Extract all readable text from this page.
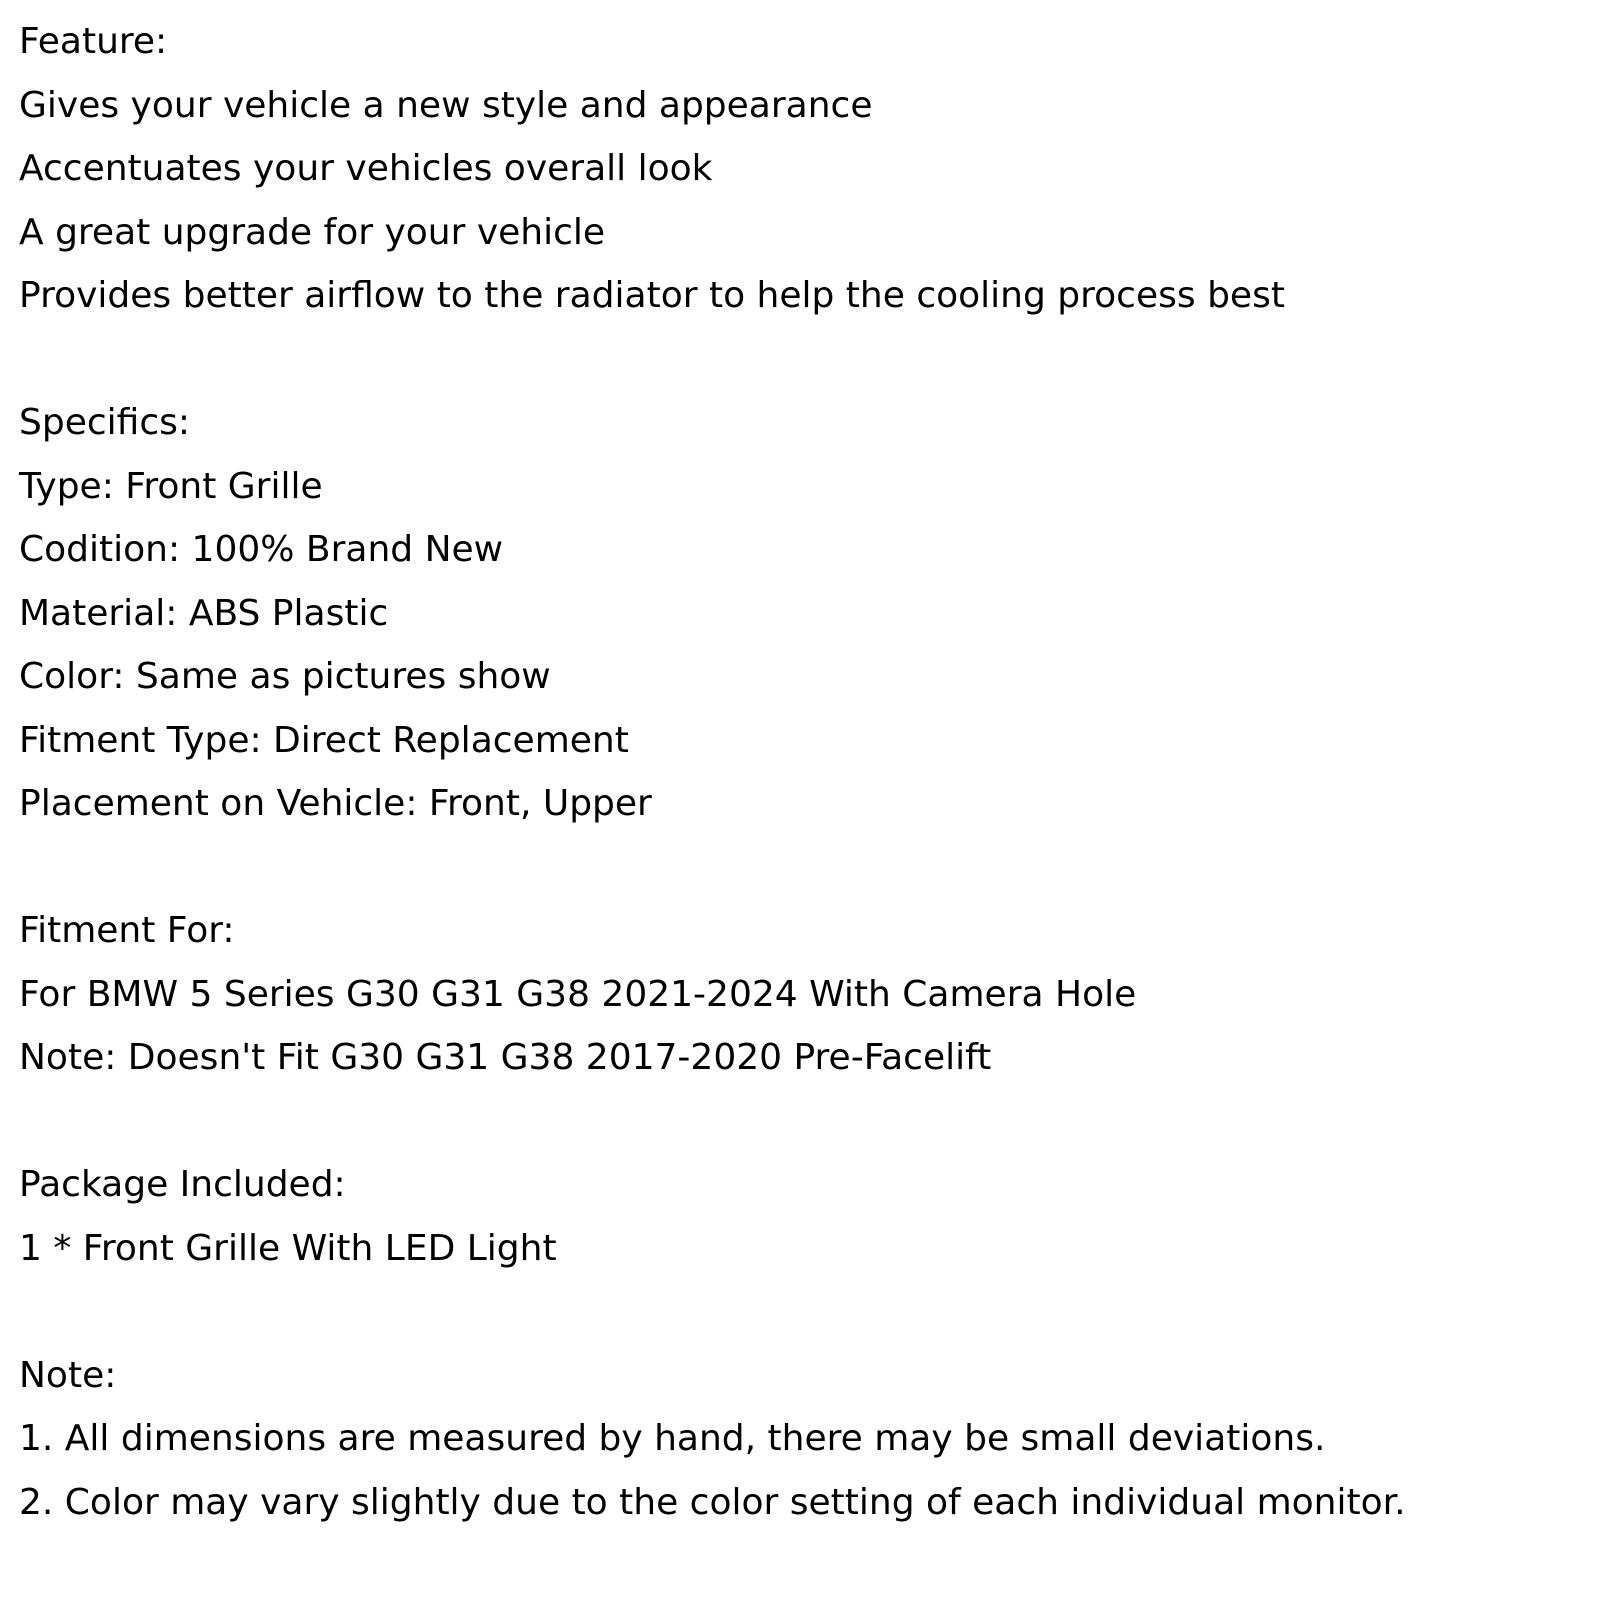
Feature:
Gives your vehicle a new style and appearance
Accentuates your vehicles overall look
A great upgrade for your vehicle
Provides better airflow to the radiator to help the cooling process best
Specifics:
Type: Front Grille
Codition: 100% Brand New
Material: ABS Plastic
Color: Same as pictures show
Fitment Type: Direct Replacement
Placement on Vehicle: Front, Upper
Fitment For:
For BMW 5 Series G30 G31 G38 2021-2024 With Camera Hole
Note: Doesn't Fit G30 G31 G38 2017-2020 Pre-Facelift
Package Included:
1 * Front Grille With LED Light
Note:
1. All dimensions are measured by hand, there may be small deviations.
2. Color may vary slightly due to the color setting of each individual monitor.
